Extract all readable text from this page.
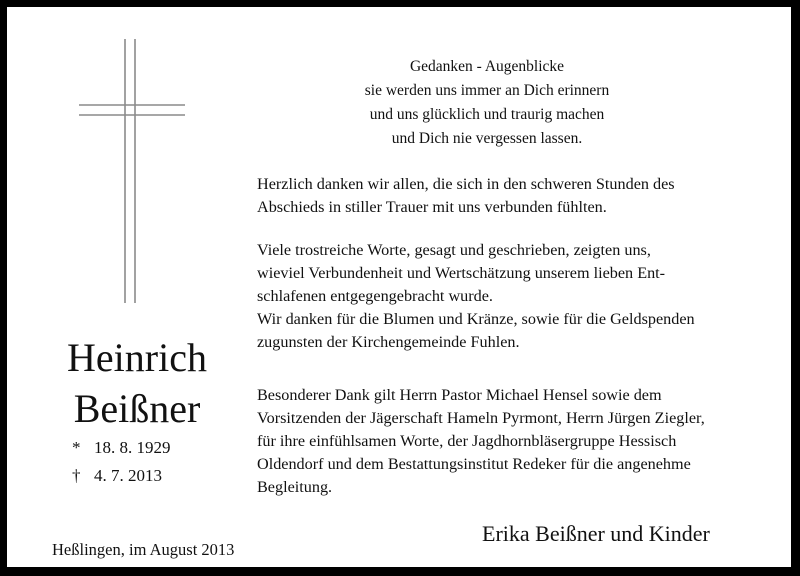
Heinrich
Beißner
* 18. 8. 1929
† 4. 7. 2013
Gedanken - Augenblicke
sie werden uns immer an Dich erinnern
und uns glücklich und traurig machen
und Dich nie vergessen lassen.
Herzlich danken wir allen, die sich in den schweren Stunden des
Abschieds in stiller Trauer mit uns verbunden fühlten.
Viele trostreiche Worte, gesagt und geschrieben, zeigten uns,
wieviel Verbundenheit und Wertschätzung unserem lieben Ent-
schlafenen entgegengebracht wurde.
Wir danken für die Blumen und Kränze, sowie für die Geldspenden
zugunsten der Kirchengemeinde Fuhlen.
Besonderer Dank gilt Herrn Pastor Michael Hensel sowie dem
Vorsitzenden der Jägerschaft Hameln Pyrmont, Herrn Jürgen Ziegler,
für ihre einfühlsamen Worte, der Jagdhornbläsergruppe Hessisch
Oldendorf und dem Bestattungsinstitut Redeker für die angenehme
Begleitung.
Erika Beißner und Kinder
Heßlingen, im August 2013
